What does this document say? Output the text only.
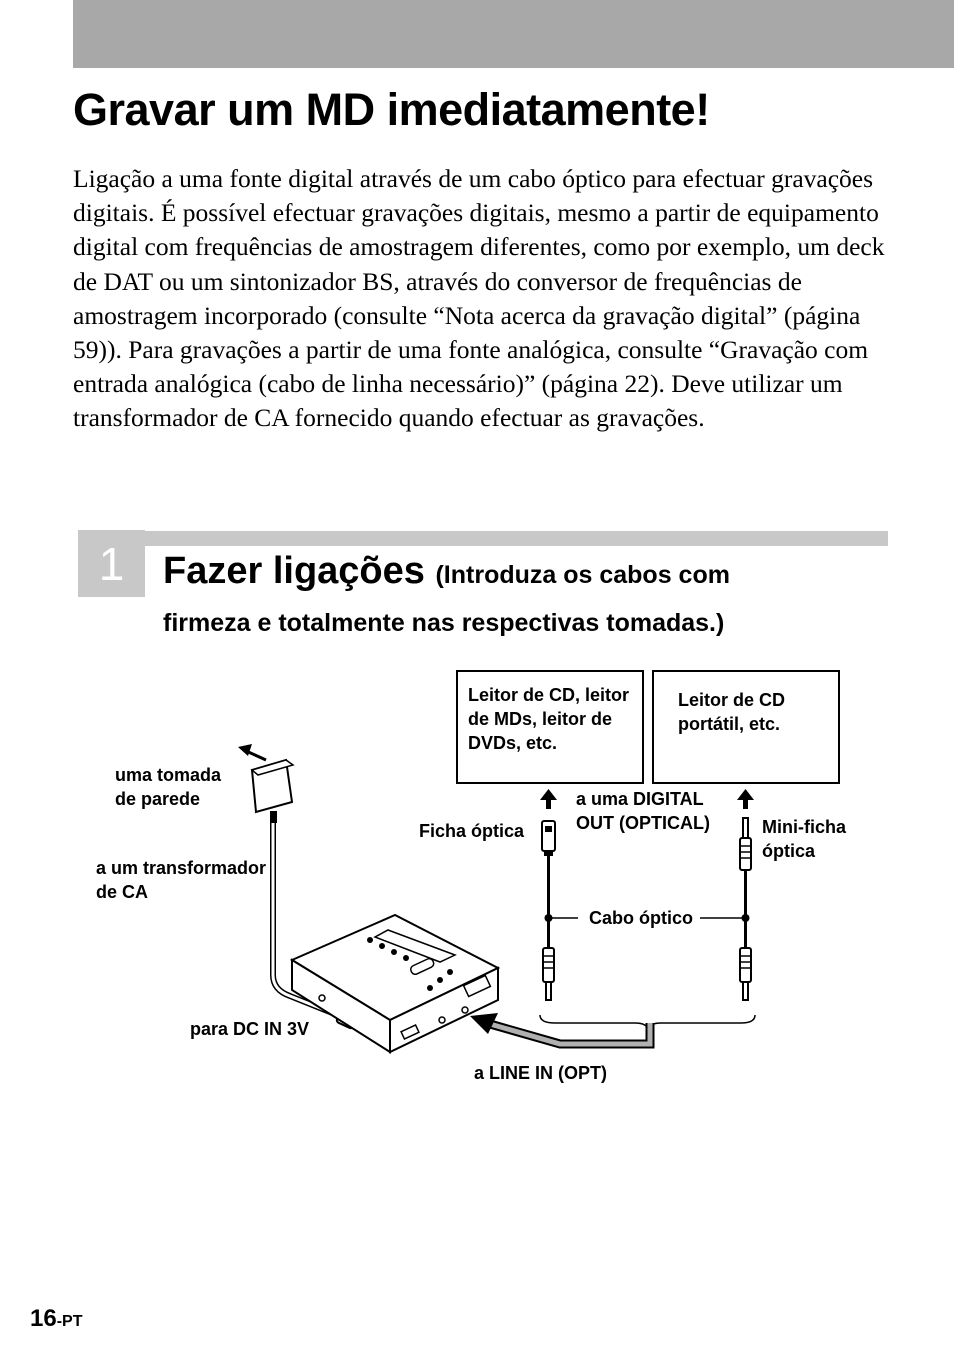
Gravar um MD imediatamente!

Ligação a uma fonte digital através de um cabo óptico para efectuar gravações digitais. É possível efectuar gravações digitais, mesmo a partir de equipamento digital com frequências de amostragem diferentes, como por exemplo, um deck de DAT ou um sintonizador BS, através do conversor de frequências de amostragem incorporado (consulte “Nota acerca da gravação digital” (página 59)). Para gravações a partir de uma fonte analógica, consulte “Gravação com entrada analógica (cabo de linha necessário)” (página 22). Deve utilizar um transformador de CA fornecido quando efectuar as gravações.

1 Fazer ligações (Introduza os cabos com

firmeza e totalmente nas respectivas tomadas.)

Leitor de CD, leitor
de MDs, leitor de
DVDs, etc.
Leitor de CD
portátil, etc.
uma tomada
de parede
a um transformador
de CA
para DC IN 3V
Ficha óptica
a uma DIGITAL
OUT (OPTICAL)	Mini-ficha
óptica
Cabo óptico
a LINE IN (OPT)

16-PT
